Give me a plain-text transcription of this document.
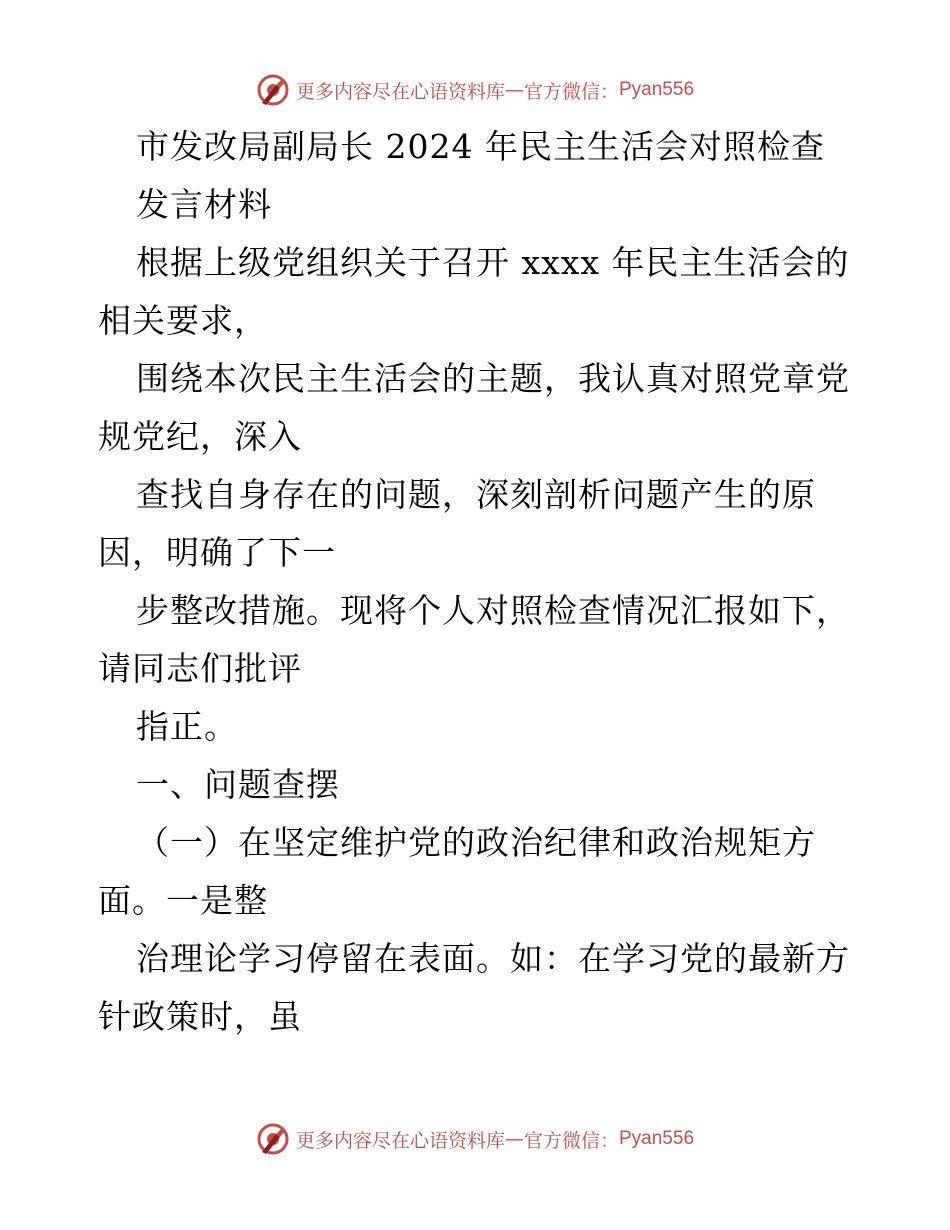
更多内容尽在心语资料库 — 官方微信： Pyan556
市发改局副局长 2024 年民主生活会对照检查
发言材料
根据上级党组织关于召开 xxxx 年民主生活会的
相关要求，
围绕本次民主生活会的主题，我认真对照党章党
规党纪，深入
查找自身存在的问题，深刻剖析问题产生的原
因，明确了下一
步整改措施。现将个人对照检查情况汇报如下，
请同志们批评
指正。
一、问题查摆
（一）在坚定维护党的政治纪律和政治规矩方
面。一是整
治理论学习停留在表面。如：在学习党的最新方
针政策时，虽
更多内容尽在心语资料库 — 官方微信： Pyan556
